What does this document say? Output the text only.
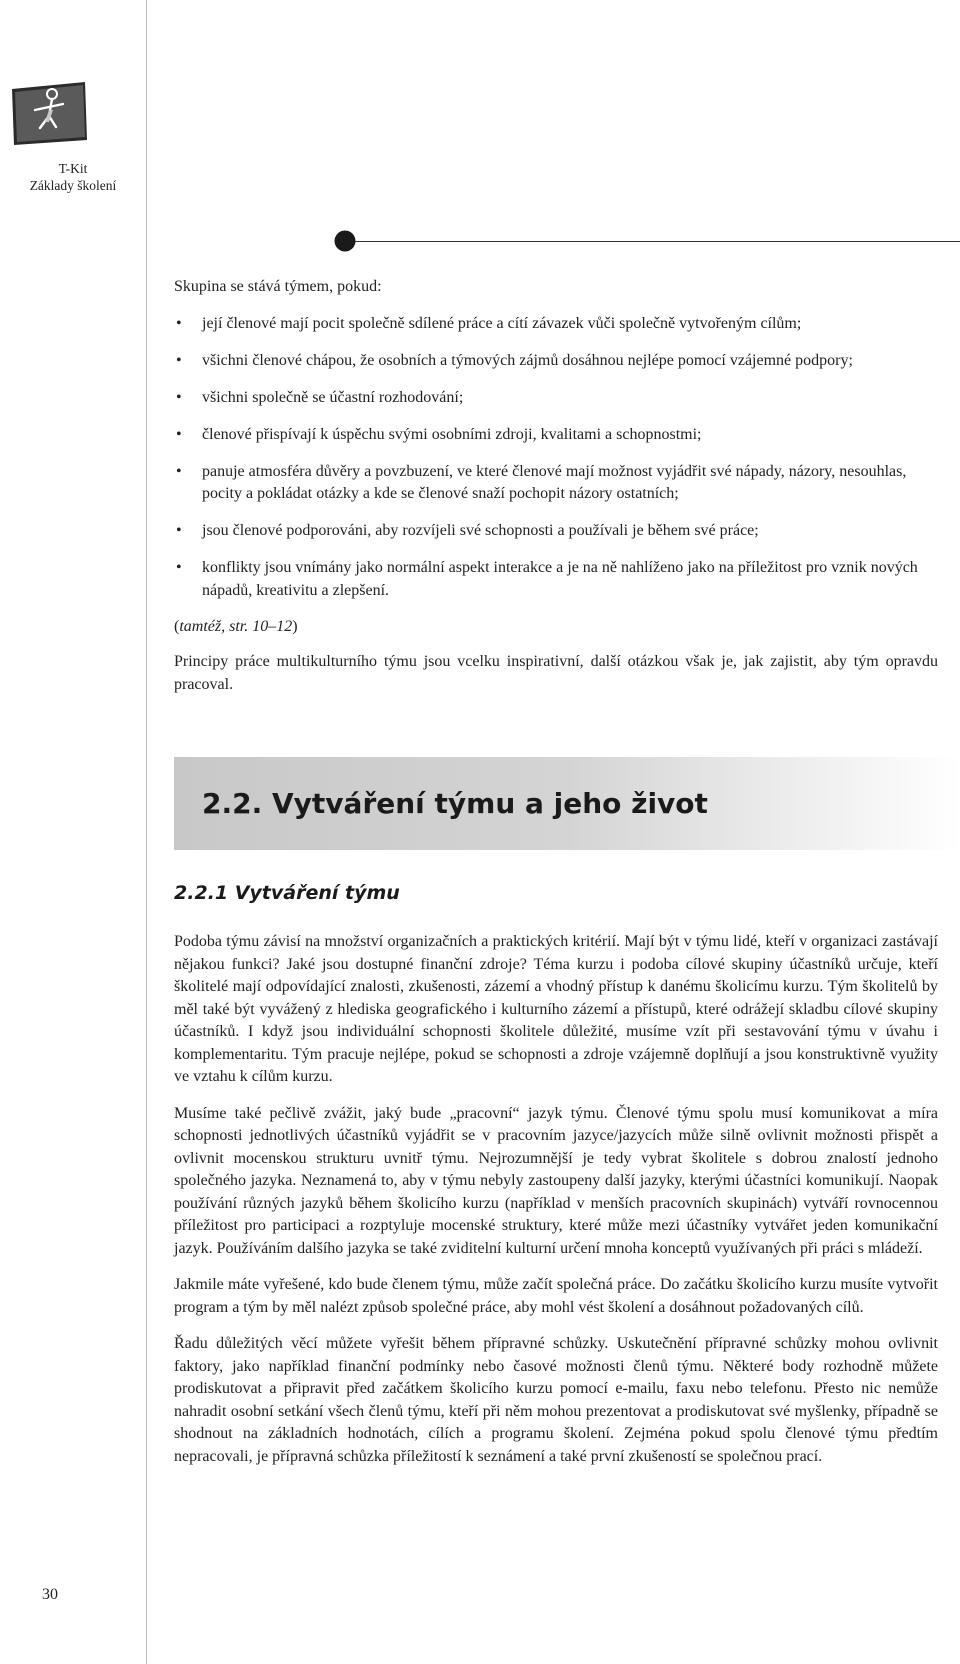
T-Kit
Základy školení

Skupina se stává týmem, pokud:

• její členové mají pocit společně sdílené práce a cítí závazek vůči společně vytvořeným cílům;
• všichni členové chápou, že osobních a týmových zájmů dosáhnou nejlépe pomocí vzájemné podpory;
• všichni společně se účastní rozhodování;
• členové přispívají k úspěchu svými osobními zdroji, kvalitami a schopnostmi;
• panuje atmosféra důvěry a povzbuzení, ve které členové mají možnost vyjádřit své nápady, názory, nesouhlas, pocity a pokládat otázky a kde se členové snaží pochopit názory ostatních;
• jsou členové podporováni, aby rozvíjeli své schopnosti a používali je během své práce;
• konflikty jsou vnímány jako normální aspekt interakce a je na ně nahlíženo jako na příležitost pro vznik nových nápadů, kreativitu a zlepšení.

(tamtéž, str. 10–12)

Principy práce multikulturního týmu jsou vcelku inspirativní, další otázkou však je, jak zajistit, aby tým opravdu pracoval.

2.2. Vytváření týmu a jeho život
2.2.1 Vytváření týmu

Podoba týmu závisí na množství organizačních a praktických kritérií. Mají být v týmu lidé, kteří v organizaci zastávají nějakou funkci? Jaké jsou dostupné finanční zdroje? Téma kurzu i podoba cílové skupiny účastníků určuje, kteří školitelé mají odpovídající znalosti, zkušenosti, zázemí a vhodný přístup k danému školicímu kurzu. Tým školitelů by měl také být vyvážený z hlediska geografického i kulturního zázemí a přístupů, které odrážejí skladbu cílové skupiny účastníků. I když jsou individuální schopnosti školitele důležité, musíme vzít při sestavování týmu v úvahu i komplementaritu. Tým pracuje nejlépe, pokud se schopnosti a zdroje vzájemně doplňují a jsou konstruktivně využity ve vztahu k cílům kurzu.

Musíme také pečlivě zvážit, jaký bude „pracovní“ jazyk týmu. Členové týmu spolu musí komunikovat a míra schopnosti jednotlivých účastníků vyjádřit se v pracovním jazyce/jazycích může silně ovlivnit možnosti přispět a ovlivnit mocenskou strukturu uvnitř týmu. Nejrozumnější je tedy vybrat školitele s dobrou znalostí jednoho společného jazyka. Neznamená to, aby v týmu nebyly zastoupeny další jazyky, kterými účastníci komunikují. Naopak používání různých jazyků během školicího kurzu (například v menších pracovních skupinách) vytváří rovnocennou příležitost pro participaci a rozptyluje mocenské struktury, které může mezi účastníky vytvářet jeden komunikační jazyk. Používáním dalšího jazyka se také zviditelní kulturní určení mnoha konceptů využívaných při práci s mládeží.

Jakmile máte vyřešené, kdo bude členem týmu, může začít společná práce. Do začátku školicího kurzu musíte vytvořit program a tým by měl nalézt způsob společné práce, aby mohl vést školení a dosáhnout požadovaných cílů.

Řadu důležitých věcí můžete vyřešit během přípravné schůzky. Uskutečnění přípravné schůzky mohou ovlivnit faktory, jako například finanční podmínky nebo časové možnosti členů týmu. Některé body rozhodně můžete prodiskutovat a připravit před začátkem školicího kurzu pomocí e-mailu, faxu nebo telefonu. Přesto nic nemůže nahradit osobní setkání všech členů týmu, kteří při něm mohou prezentovat a prodiskutovat své myšlenky, případně se shodnout na základních hodnotách, cílích a programu školení. Zejména pokud spolu členové týmu předtím nepracovali, je přípravná schůzka příležitostí k seznámení a také první zkušeností se společnou prací.

30
